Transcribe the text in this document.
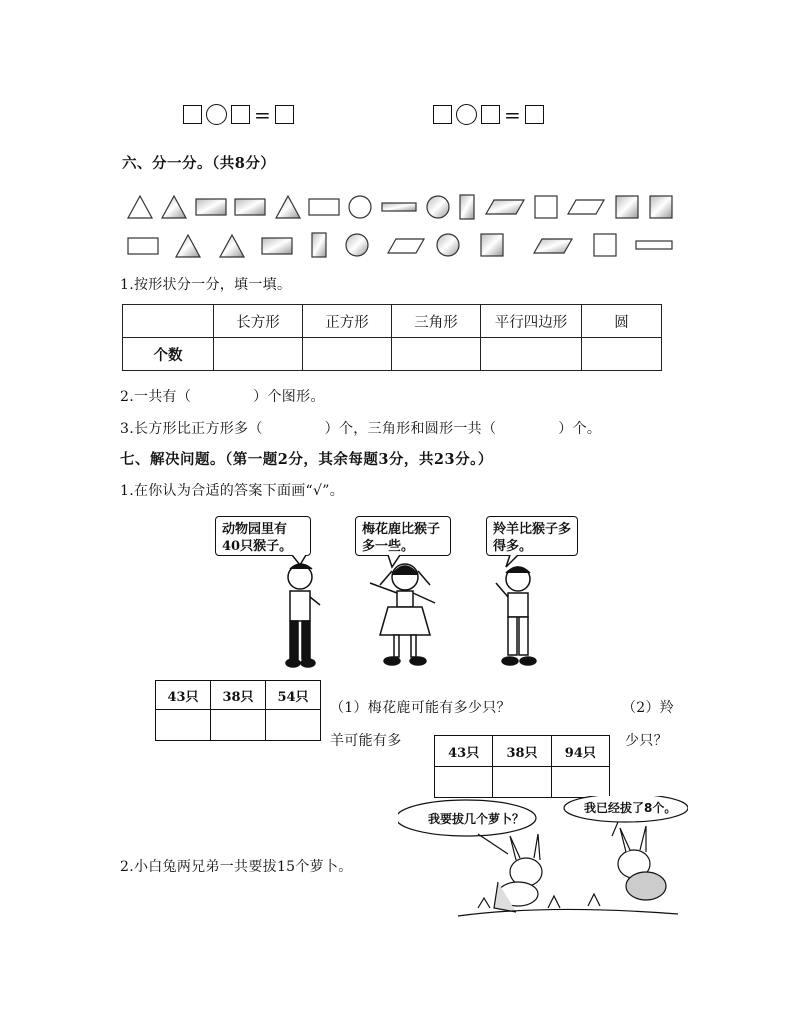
=	=
六、分一分。（共8分）
1.按形状分一分，填一填。
	长方形	正方形	三角形	平行四边形	圆
个数					
2.一共有（	）个图形。
3.长方形比正方形多（	）个，三角形和圆形一共（	）个。
七、解决问题。（第一题2分，其余每题3分，共23分。）
1.在你认为合适的答案下面画“√”。
动物园里有40只猴子。
梅花鹿比猴子多一些。
羚羊比猴子多得多。
43只	38只	54只

（1）梅花鹿可能有多少只？	（2）羚
羊可能有多	少只？
43只	38只	94只

我要拔几个萝卜？
我已经拔了8个。
2.小白兔两兄弟一共要拔15个萝卜。
